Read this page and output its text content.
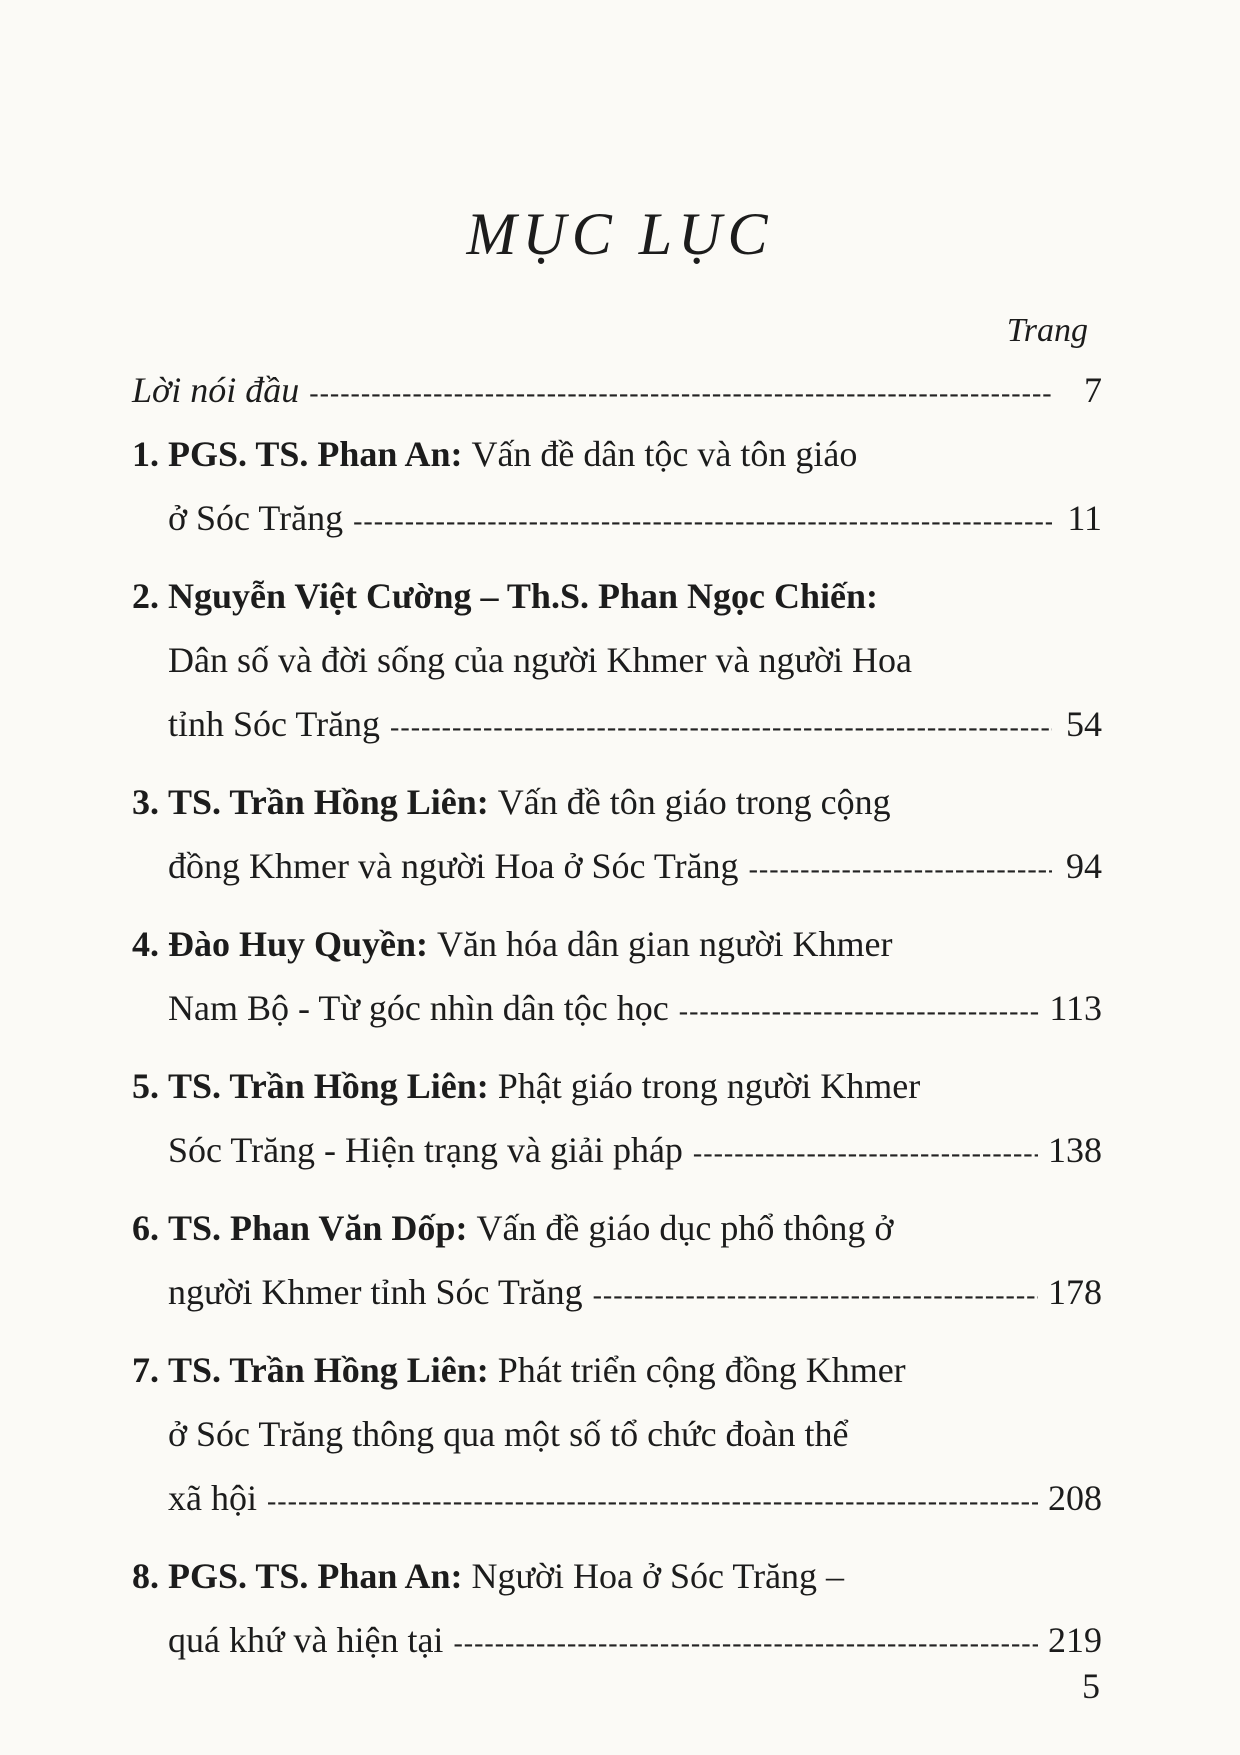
MỤC LỤC
Trang
Lời nói đầu -----	7
1.
PGS. TS. Phan An:
Vấn đề dân tộc và tôn giáo
ở Sóc Trăng -----	11
2.
Nguyễn Việt Cường – Th.S. Phan Ngọc Chiến:
Dân số và đời sống của người Khmer và người Hoa
tỉnh Sóc Trăng -----	54
3.
TS. Trần Hồng Liên:
Vấn đề tôn giáo trong cộng
đồng Khmer và người Hoa ở Sóc Trăng -----	94
4.
Đào Huy Quyền:
Văn hóa dân gian người Khmer
Nam Bộ - Từ góc nhìn dân tộc học -----	113
5.
TS. Trần Hồng Liên:
Phật giáo trong người Khmer
Sóc Trăng - Hiện trạng và giải pháp -----	138
6.
TS. Phan Văn Dốp:
Vấn đề giáo dục phổ thông ở
người Khmer tỉnh Sóc Trăng -----	178
7.
TS. Trần Hồng Liên:
Phát triển cộng đồng Khmer
ở Sóc Trăng thông qua một số tổ chức đoàn thể
xã hội -----	208
8.
PGS. TS. Phan An:
Người Hoa ở Sóc Trăng –
quá khứ và hiện tại -----	219
5
